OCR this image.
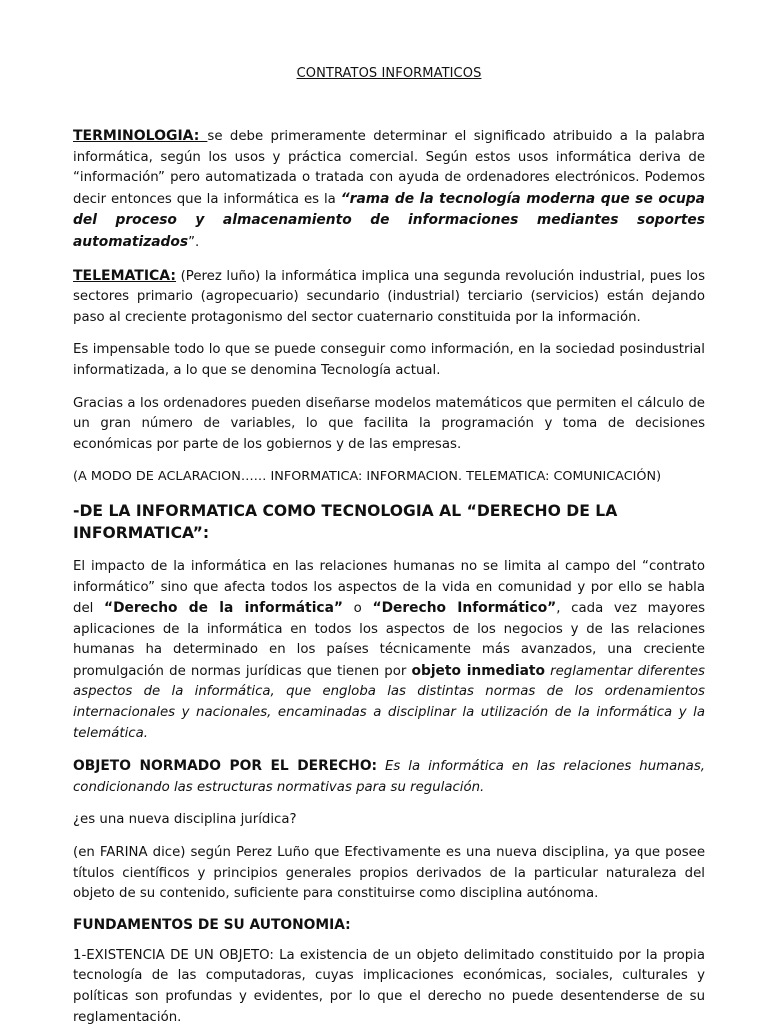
CONTRATOS INFORMATICOS

TERMINOLOGIA: se debe primeramente determinar el significado atribuido a la palabra informática, según los usos y práctica comercial. Según estos usos informática deriva de “información” pero automatizada o tratada con ayuda de ordenadores electrónicos. Podemos decir entonces que la informática es la “rama de la tecnología moderna que se ocupa del proceso y almacenamiento de informaciones mediantes soportes automatizados”.

TELEMATICA: (Perez luño) la informática implica una segunda revolución industrial, pues los sectores primario (agropecuario) secundario (industrial) terciario (servicios) están dejando paso al creciente protagonismo del sector cuaternario constituida por la información.

Es impensable todo lo que se puede conseguir como información, en la sociedad posindustrial informatizada, a lo que se denomina Tecnología actual.

Gracias a los ordenadores pueden diseñarse modelos matemáticos que permiten el cálculo de un gran número de variables, lo que facilita la programación y toma de decisiones económicas por parte de los gobiernos y de las empresas.

(A MODO DE ACLARACION…… INFORMATICA: INFORMACION. TELEMATICA: COMUNICACIÓN)

-DE LA INFORMATICA COMO TECNOLOGIA AL “DERECHO DE LA INFORMATICA”:

El impacto de la informática en las relaciones humanas no se limita al campo del “contrato informático” sino que afecta todos los aspectos de la vida en comunidad y por ello se habla del “Derecho de la informática” o “Derecho Informático”, cada vez mayores aplicaciones de la informática en todos los aspectos de los negocios y de las relaciones humanas ha determinado en los países técnicamente más avanzados, una creciente promulgación de normas jurídicas que tienen por objeto inmediato reglamentar diferentes aspectos de la informática, que engloba las distintas normas de los ordenamientos internacionales y nacionales, encaminadas a disciplinar la utilización de la informática y la telemática.

OBJETO NORMADO POR EL DERECHO: Es la informática en las relaciones humanas, condicionando las estructuras normativas para su regulación.

¿es una nueva disciplina jurídica?

(en FARINA dice) según Perez Luño que Efectivamente es una nueva disciplina, ya que posee títulos científicos y principios generales propios derivados de la particular naturaleza del objeto de su contenido, suficiente para constituirse como disciplina autónoma.

FUNDAMENTOS DE SU AUTONOMIA:

1-EXISTENCIA DE UN OBJETO: La existencia de un objeto delimitado constituido por la propia tecnología de las computadoras, cuyas implicaciones económicas, sociales, culturales y políticas son profundas y evidentes, por lo que el derecho no puede desentenderse de su reglamentación.
